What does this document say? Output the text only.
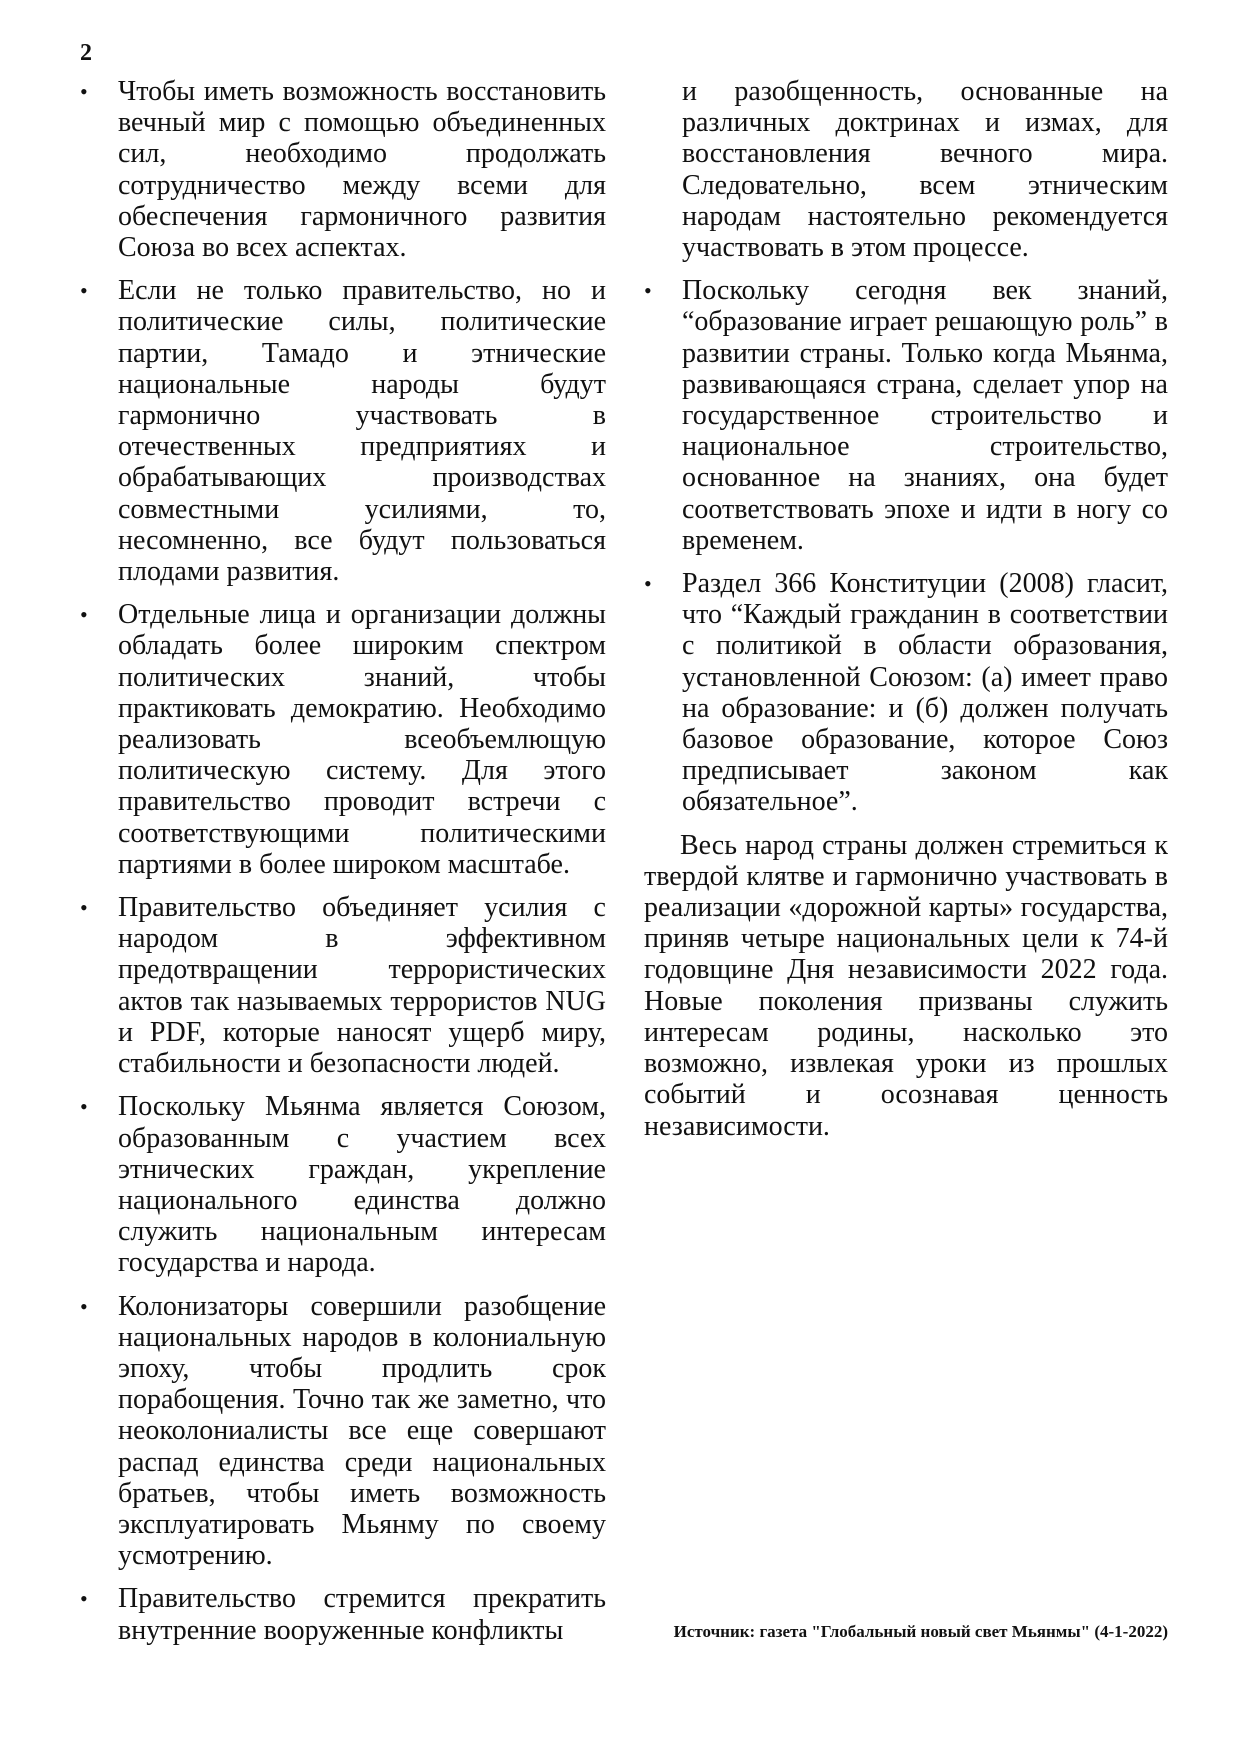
2
• Чтобы иметь возможность восстановить вечный мир с помощью объединенных сил, необходимо продолжать сотрудничество между всеми для обеспечения гармоничного развития Союза во всех аспектах.
• Если не только правительство, но и политические силы, политические партии, Тамадо и этнические национальные народы будут гармонично участвовать в отечественных предприятиях и обрабатывающих производствах совместными усилиями, то, несомненно, все будут пользоваться плодами развития.
• Отдельные лица и организации должны обладать более широким спектром политических знаний, чтобы практиковать демократию. Необходимо реализовать всеобъемлющую политическую систему. Для этого правительство проводит встречи с соответствующими политическими партиями в более широком масштабе.
• Правительство объединяет усилия с народом в эффективном предотвращении террористических актов так называемых террористов NUG и PDF, которые наносят ущерб миру, стабильности и безопасности людей.
• Поскольку Мьянма является Союзом, образованным с участием всех этнических граждан, укрепление национального единства должно служить национальным интересам государства и народа.
• Колонизаторы совершили разобщение национальных народов в колониальную эпоху, чтобы продлить срок порабощения. Точно так же заметно, что неоколониалисты все еще совершают распад единства среди национальных братьев, чтобы иметь возможность эксплуатировать Мьянму по своему усмотрению.
• Правительство стремится прекратить внутренние вооруженные конфликты

и разобщенность, основанные на различных доктринах и измах, для восстановления вечного мира. Следовательно, всем этническим народам настоятельно рекомендуется участвовать в этом процессе.

• Поскольку сегодня век знаний, “образование играет решающую роль” в развитии страны. Только когда Мьянма, развивающаяся страна, сделает упор на государственное строительство и национальное строительство, основанное на знаниях, она будет соответствовать эпохе и идти в ногу со временем.
• Раздел 366 Конституции (2008) гласит, что “Каждый гражданин в соответствии с политикой в области образования, установленной Союзом: (а) имеет право на образование: и (б) должен получать базовое образование, которое Союз предписывает законом как обязательное”.

Весь народ страны должен стремиться к твердой клятве и гармонично участвовать в реализации «дорожной карты» государства, приняв четыре национальных цели к 74-й годовщине Дня независимости 2022 года. Новые поколения призваны служить интересам родины, насколько это возможно, извлекая уроки из прошлых событий и осознавая ценность независимости.

Источник: газета "Глобальный новый свет Мьянмы" (4-1-2022)
